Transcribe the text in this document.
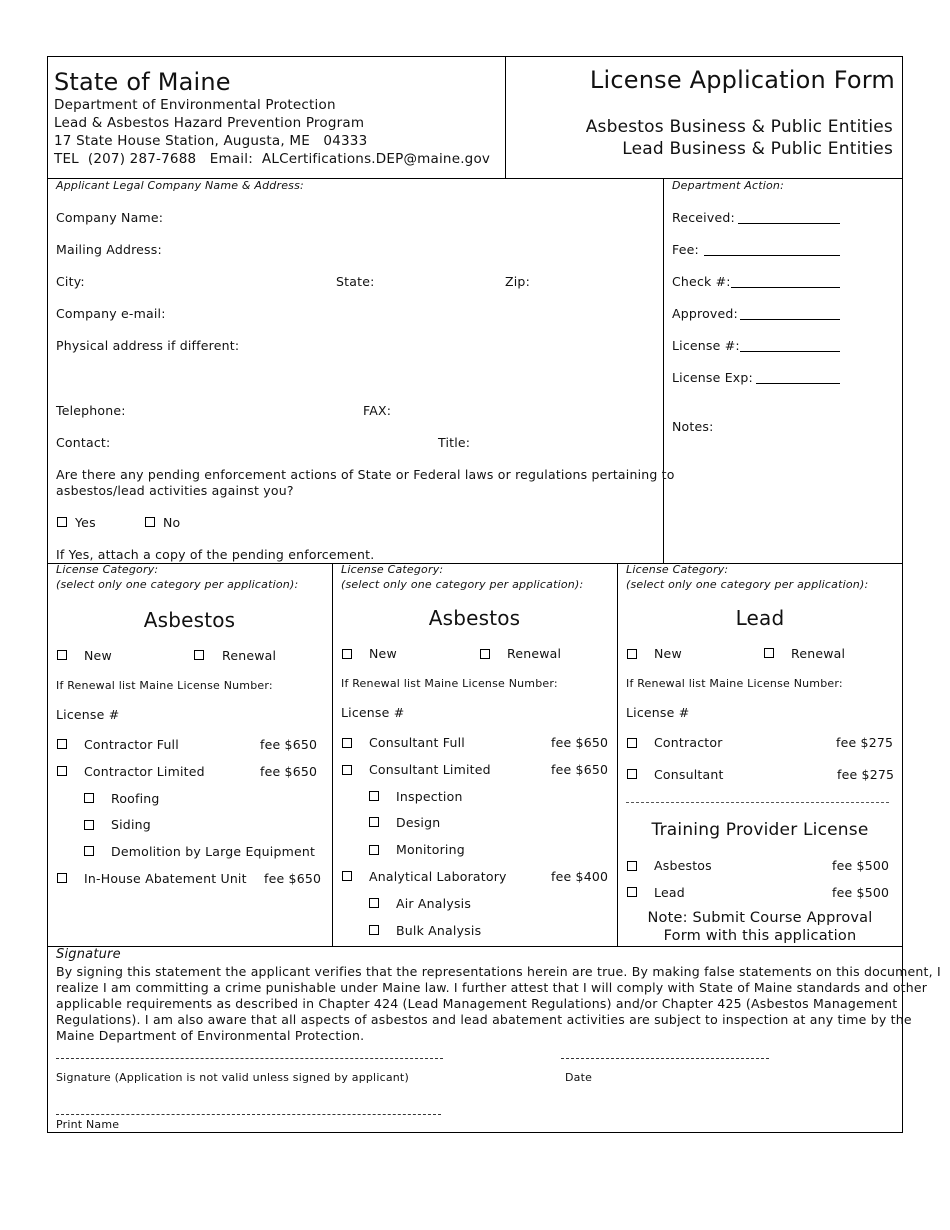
State of Maine
Department of Environmental Protection
Lead & Asbestos Hazard Prevention Program
17 State House Station, Augusta, ME   04333
TEL  (207) 287-7688   Email:  ALCertifications.DEP@maine.gov
License Application Form
Asbestos Business & Public Entities
Lead Business & Public Entities
Applicant Legal Company Name & Address:
Company Name:
Mailing Address:
City:	State:	Zip:
Company e-mail:
Physical address if different:
Telephone:	FAX:
Contact:	Title:
Are there any pending enforcement actions of State or Federal laws or regulations pertaining to
asbestos/lead activities against you?
Yes	No
If Yes, attach a copy of the pending enforcement.
Department Action:
Received:
Fee:
Check #:
Approved:
License #:
License Exp:
Notes:
License Category:
(select only one category per application):
Asbestos
New	Renewal
If Renewal list Maine License Number:
License #
Contractor Full	fee $650
Contractor Limited	fee $650
Roofing
Siding
Demolition by Large Equipment
In-House Abatement Unit fee $650
License Category:
(select only one category per application):
Asbestos
New	Renewal
If Renewal list Maine License Number:
License #
Consultant Full	fee $650
Consultant Limited	fee $650
Inspection
Design
Monitoring
Analytical Laboratory	fee $400
Air Analysis
Bulk Analysis
License Category:
(select only one category per application):
Lead
New	Renewal
If Renewal list Maine License Number:
License #
Contractor	fee $275
Consultant	fee $275
Training Provider License
Asbestos	fee $500
Lead	fee $500
Note: Submit Course Approval
Form with this application
Signature
By signing this statement the applicant verifies that the representations herein are true. By making false statements on this document, I
realize I am committing a crime punishable under Maine law. I further attest that I will comply with State of Maine standards and other
applicable requirements as described in Chapter 424 (Lead Management Regulations) and/or Chapter 425 (Asbestos Management
Regulations). I am also aware that all aspects of asbestos and lead abatement activities are subject to inspection at any time by the
Maine Department of Environmental Protection.
Signature (Application is not valid unless signed by applicant)	Date
Print Name
